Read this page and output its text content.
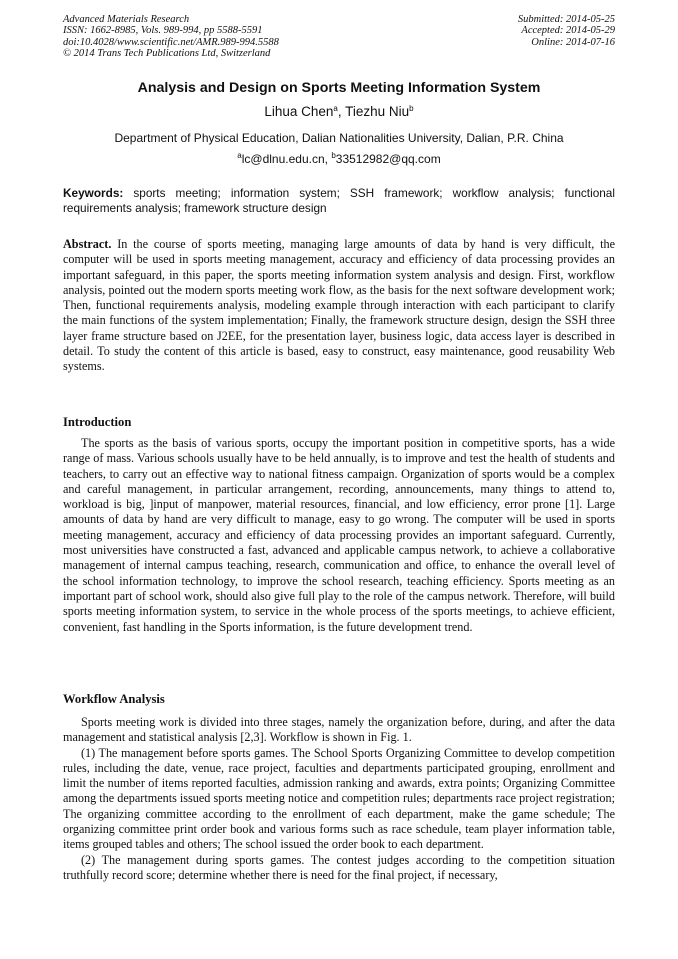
Advanced Materials Research
ISSN: 1662-8985, Vols. 989-994, pp 5588-5591
doi:10.4028/www.scientific.net/AMR.989-994.5588
© 2014 Trans Tech Publications Ltd, Switzerland
Submitted: 2014-05-25
Accepted: 2014-05-29
Online: 2014-07-16
Analysis and Design on Sports Meeting Information System
Lihua Chen$^a$, Tiezhu Niu$^b$
Department of Physical Education, Dalian Nationalities University, Dalian, P.R. China
$^a$lc@dlnu.edu.cn, $^b$33512982@qq.com
Keywords: sports meeting; information system; SSH framework; workflow analysis; functional requirements analysis; framework structure design
Abstract. In the course of sports meeting, managing large amounts of data by hand is very difficult, the computer will be used in sports meeting management, accuracy and efficiency of data processing provides an important safeguard, in this paper, the sports meeting information system analysis and design. First, workflow analysis, pointed out the modern sports meeting work flow, as the basis for the next software development work; Then, functional requirements analysis, modeling example through interaction with each participant to clarify the main functions of the system implementation; Finally, the framework structure design, design the SSH three layer frame structure based on J2EE, for the presentation layer, business logic, data access layer is described in detail. To study the content of this article is based, easy to construct, easy maintenance, good reusability Web systems.
Introduction
The sports as the basis of various sports, occupy the important position in competitive sports, has a wide range of mass. Various schools usually have to be held annually, is to improve and test the health of students and teachers, to carry out an effective way to national fitness campaign. Organization of sports would be a complex and careful management, in particular arrangement, recording, announcements, many things to attend to, workload is big, ]input of manpower, material resources, financial, and low efficiency, error prone [1]. Large amounts of data by hand are very difficult to manage, easy to go wrong. The computer will be used in sports meeting management, accuracy and efficiency of data processing provides an important safeguard. Currently, most universities have constructed a fast, advanced and applicable campus network, to achieve a collaborative management of internal campus teaching, research, communication and office, to enhance the overall level of the school information technology, to improve the school research, teaching efficiency. Sports meeting as an important part of school work, should also give full play to the role of the campus network. Therefore, will build sports meeting information system, to service in the whole process of the sports meetings, to achieve efficient, convenient, fast handling in the Sports information, is the future development trend.
Workflow Analysis

Sports meeting work is divided into three stages, namely the organization before, during, and after the data management and statistical analysis [2,3]. Workflow is shown in Fig. 1.

(1) The management before sports games. The School Sports Organizing Committee to develop competition rules, including the date, venue, race project, faculties and departments participated grouping, enrollment and limit the number of items reported faculties, admission ranking and awards, extra points; Organizing Committee among the departments issued sports meeting notice and competition rules; departments race project registration; The organizing committee according to the enrollment of each department, make the game schedule; The organizing committee print order book and various forms such as race schedule, team player information table, items grouped tables and others; The school issued the order book to each department.

(2) The management during sports games. The contest judges according to the competition situation truthfully record score; determine whether there is need for the final project, if necessary,
